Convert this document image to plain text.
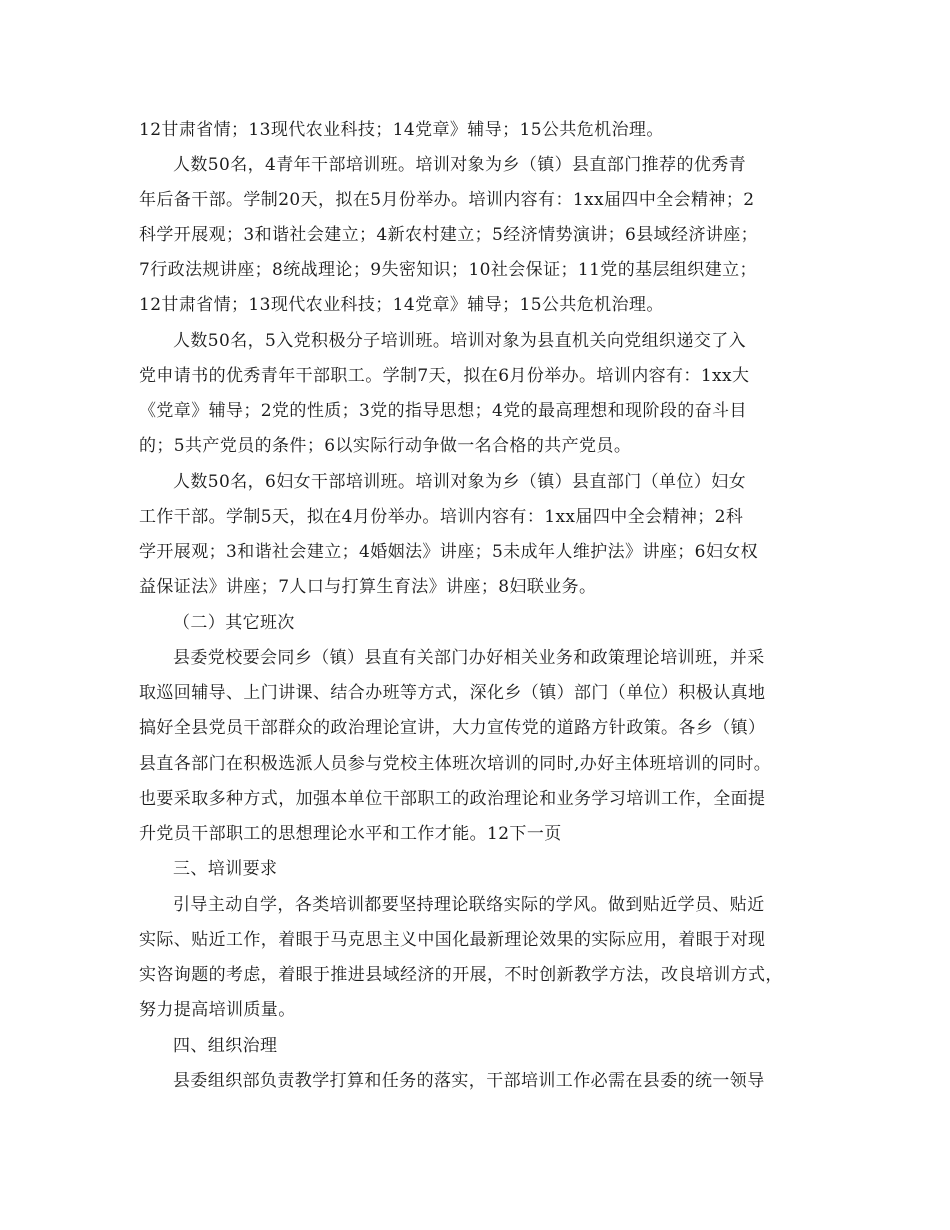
12甘肃省情；13现代农业科技；14党章》辅导；15公共危机治理。

人数50名，4青年干部培训班。培训对象为乡（镇）县直部门推荐的优秀青

年后备干部。学制20天，拟在5月份举办。培训内容有：1xx届四中全会精神；2

科学开展观；3和谐社会建立；4新农村建立；5经济情势演讲；6县域经济讲座；

7行政法规讲座；8统战理论；9失密知识；10社会保证；11党的基层组织建立；

12甘肃省情；13现代农业科技；14党章》辅导；15公共危机治理。

人数50名，5入党积极分子培训班。培训对象为县直机关向党组织递交了入

党申请书的优秀青年干部职工。学制7天，拟在6月份举办。培训内容有：1xx大

《党章》辅导；2党的性质；3党的指导思想；4党的最高理想和现阶段的奋斗目

的；5共产党员的条件；6以实际行动争做一名合格的共产党员。

人数50名，6妇女干部培训班。培训对象为乡（镇）县直部门（单位）妇女

工作干部。学制5天，拟在4月份举办。培训内容有：1xx届四中全会精神；2科

学开展观；3和谐社会建立；4婚姻法》讲座；5未成年人维护法》讲座；6妇女权

益保证法》讲座；7人口与打算生育法》讲座；8妇联业务。

（二）其它班次

县委党校要会同乡（镇）县直有关部门办好相关业务和政策理论培训班，并采

取巡回辅导、上门讲课、结合办班等方式，深化乡（镇）部门（单位）积极认真地

搞好全县党员干部群众的政治理论宣讲，大力宣传党的道路方针政策。各乡（镇）

县直各部门在积极选派人员参与党校主体班次培训的同时,办好主体班培训的同时。

也要采取多种方式，加强本单位干部职工的政治理论和业务学习培训工作，全面提

升党员干部职工的思想理论水平和工作才能。12下一页

三、培训要求

引导主动自学，各类培训都要坚持理论联络实际的学风。做到贴近学员、贴近

实际、贴近工作，着眼于马克思主义中国化最新理论效果的实际应用，着眼于对现

实咨询题的考虑，着眼于推进县域经济的开展，不时创新教学方法，改良培训方式，

努力提高培训质量。

四、组织治理

县委组织部负责教学打算和任务的落实，干部培训工作必需在县委的统一领导
